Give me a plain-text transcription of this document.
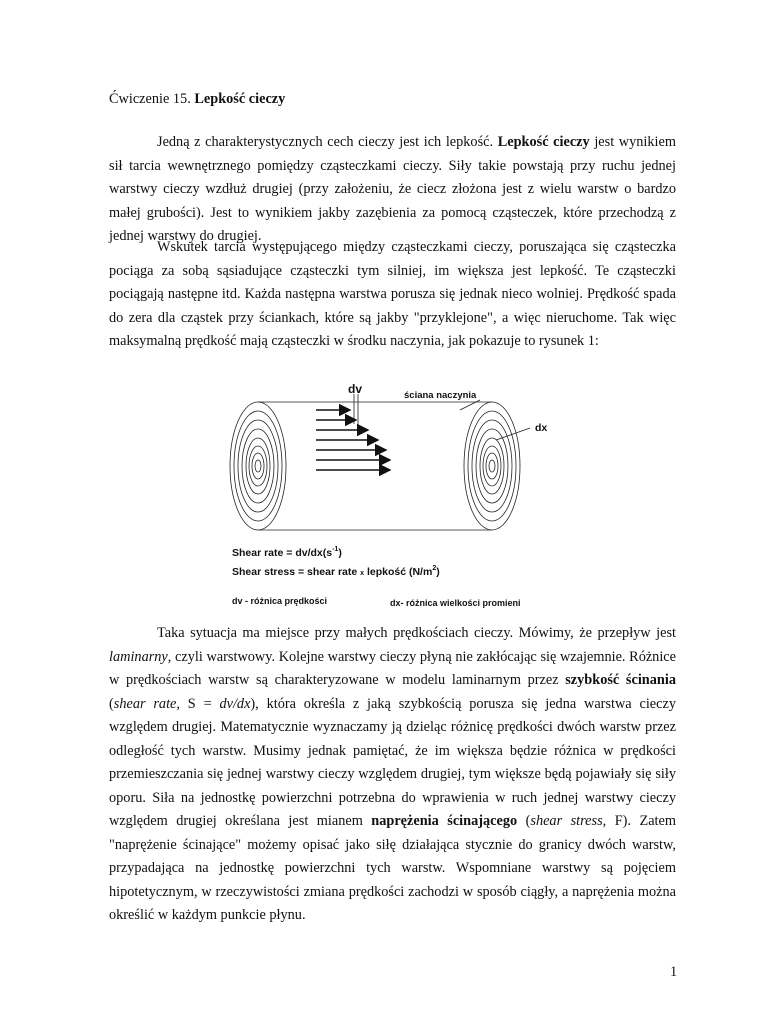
Ćwiczenie 15. Lepkość cieczy

Jedną z charakterystycznych cech cieczy jest ich lepkość. Lepkość cieczy jest wynikiem sił tarcia wewnętrznego pomiędzy cząsteczkami cieczy. Siły takie powstają przy ruchu jednej warstwy cieczy wzdłuż drugiej (przy założeniu, że ciecz złożona jest z wielu warstw o bardzo małej grubości). Jest to wynikiem jakby zazębienia za pomocą cząsteczek, które przechodzą z jednej warstwy do drugiej.

Wskutek tarcia występującego między cząsteczkami cieczy, poruszająca się cząsteczka pociąga za sobą sąsiadujące cząsteczki tym silniej, im większa jest lepkość. Te cząsteczki pociągają następne itd. Każda następna warstwa porusza się jednak nieco wolniej. Prędkość spada do zera dla cząstek przy ściankach, które są jakby "przyklejone", a więc nieruchome. Tak więc maksymalną prędkość mają cząsteczki w środku naczynia, jak pokazuje to rysunek 1:

dv	ściana naczynia
dx
Shear rate = $dv/dx(s^{-1})$
Shear stress = shear rate x lepkość $(N/m^2)$
dv - różnica prędkości	dx- różnica wielkości promieni

Taka sytuacja ma miejsce przy małych prędkościach cieczy. Mówimy, że przepływ jest laminarny, czyli warstwowy. Kolejne warstwy cieczy płyną nie zakłócając się wzajemnie. Różnice w prędkościach warstw są charakteryzowane w modelu laminarnym przez szybkość ścinania (shear rate, S = dv/dx), która określa z jaką szybkością porusza się jedna warstwa cieczy względem drugiej. Matematycznie wyznaczamy ją dzieląc różnicę prędkości dwóch warstw przez odległość tych warstw. Musimy jednak pamiętać, że im większa będzie różnica w prędkości przemieszczania się jednej warstwy cieczy względem drugiej, tym większe będą pojawiały się siły oporu. Siła na jednostkę powierzchni potrzebna do wprawienia w ruch jednej warstwy cieczy względem drugiej określana jest mianem naprężenia ścinającego (shear stress, F). Zatem "naprężenie ścinające" możemy opisać jako siłę działająca stycznie do granicy dwóch warstw, przypadająca na jednostkę powierzchni tych warstw. Wspomniane warstwy są pojęciem hipotetycznym, w rzeczywistości zmiana prędkości zachodzi w sposób ciągły, a naprężenia można określić w każdym punkcie płynu.

1
